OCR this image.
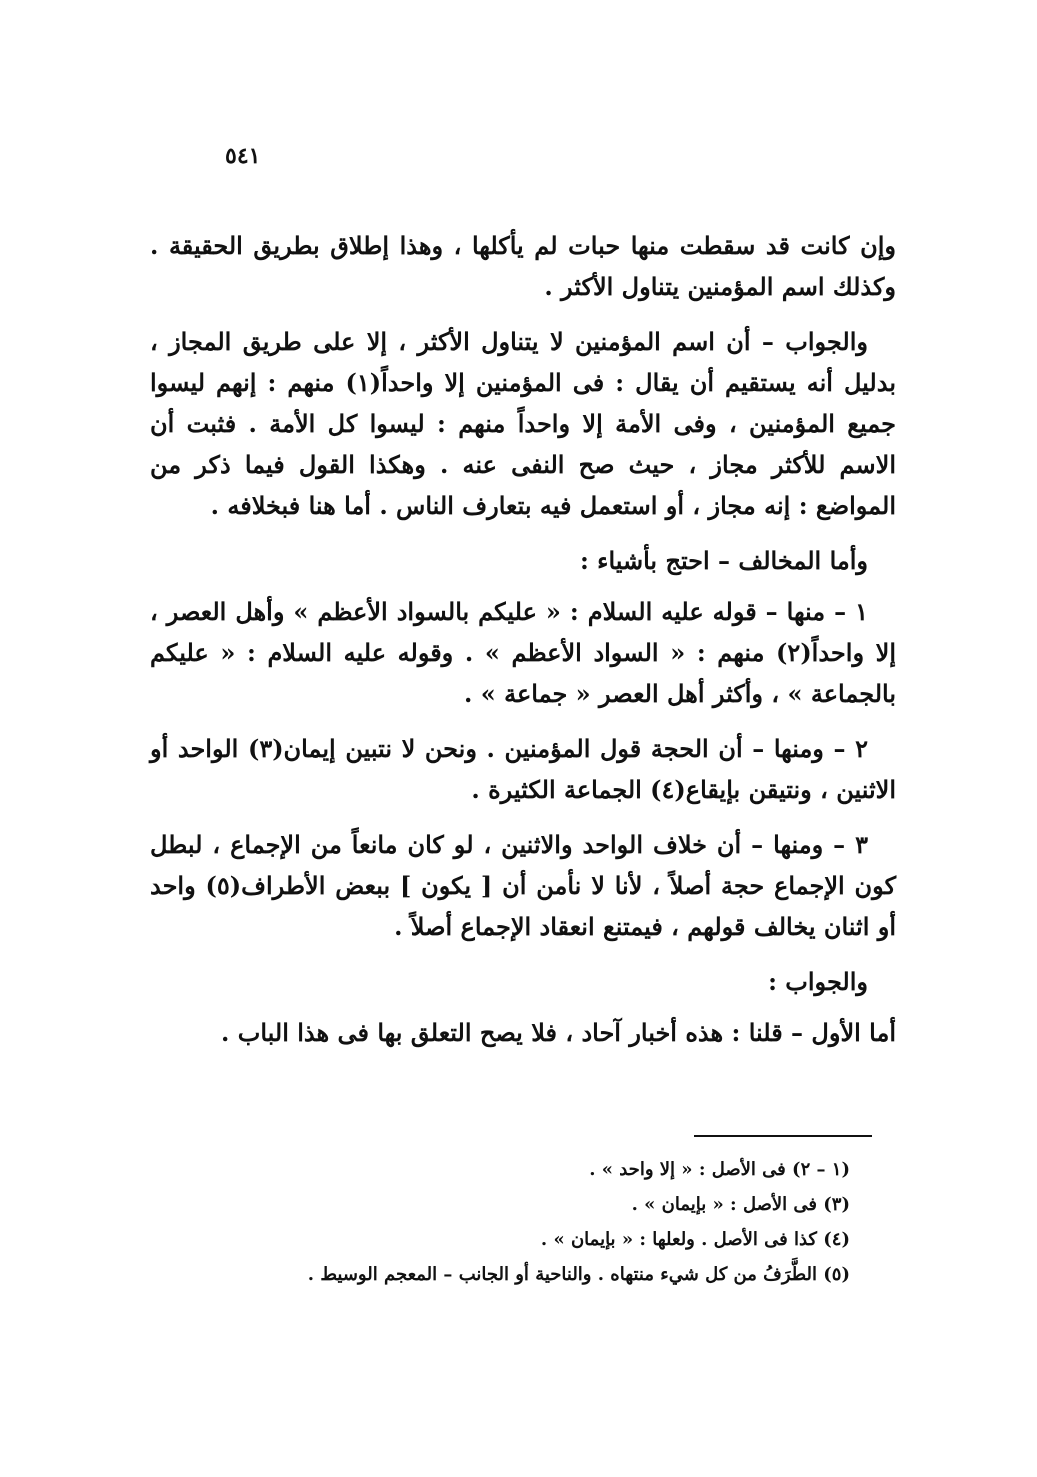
٥٤١

وإن كانت قد سقطت منها حبات لم يأكلها ، وهذا إطلاق بطريق الحقيقة . وكذلك اسم المؤمنين يتناول الأكثر .

والجواب – أن اسم المؤمنين لا يتناول الأكثر ، إلا على طريق المجاز ، بدليل أنه يستقيم أن يقال : فى المؤمنين إلا واحداً(١) منهم : إنهم ليسوا جميع المؤمنين ، وفى الأمة إلا واحداً منهم : ليسوا كل الأمة . فثبت أن الاسم للأكثر مجاز ، حيث صح النفى عنه . وهكذا القول فيما ذكر من المواضع : إنه مجاز ، أو استعمل فيه بتعارف الناس . أما هنا فبخلافه .

وأما المخالف – احتج بأشياء :

١ – منها – قوله عليه السلام : « عليكم بالسواد الأعظم » وأهل العصر ، إلا واحداً(٢) منهم : « السواد الأعظم » . وقوله عليه السلام : « عليكم بالجماعة » ، وأكثر أهل العصر « جماعة » .

٢ – ومنها – أن الحجة قول المؤمنين . ونحن لا نتبين إيمان(٣) الواحد أو الاثنين ، ونتيقن بإيقاع(٤) الجماعة الكثيرة .

٣ – ومنها – أن خلاف الواحد والاثنين ، لو كان مانعاً من الإجماع ، لبطل كون الإجماع حجة أصلاً ، لأنا لا نأمن أن [ يكون ] ببعض الأطراف(٥) واحد أو اثنان يخالف قولهم ، فيمتنع انعقاد الإجماع أصلاً .

والجواب :

أما الأول – قلنا : هذه أخبار آحاد ، فلا يصح التعلق بها فى هذا الباب .

(١ – ٢) فى الأصل : « إلا واحد » .
(٣) فى الأصل : « بإيمان » .
(٤) كذا فى الأصل . ولعلها : « بإيمان » .
(٥) الطَّرَفُ من كل شيء منتهاه . والناحية أو الجانب – المعجم الوسيط .
